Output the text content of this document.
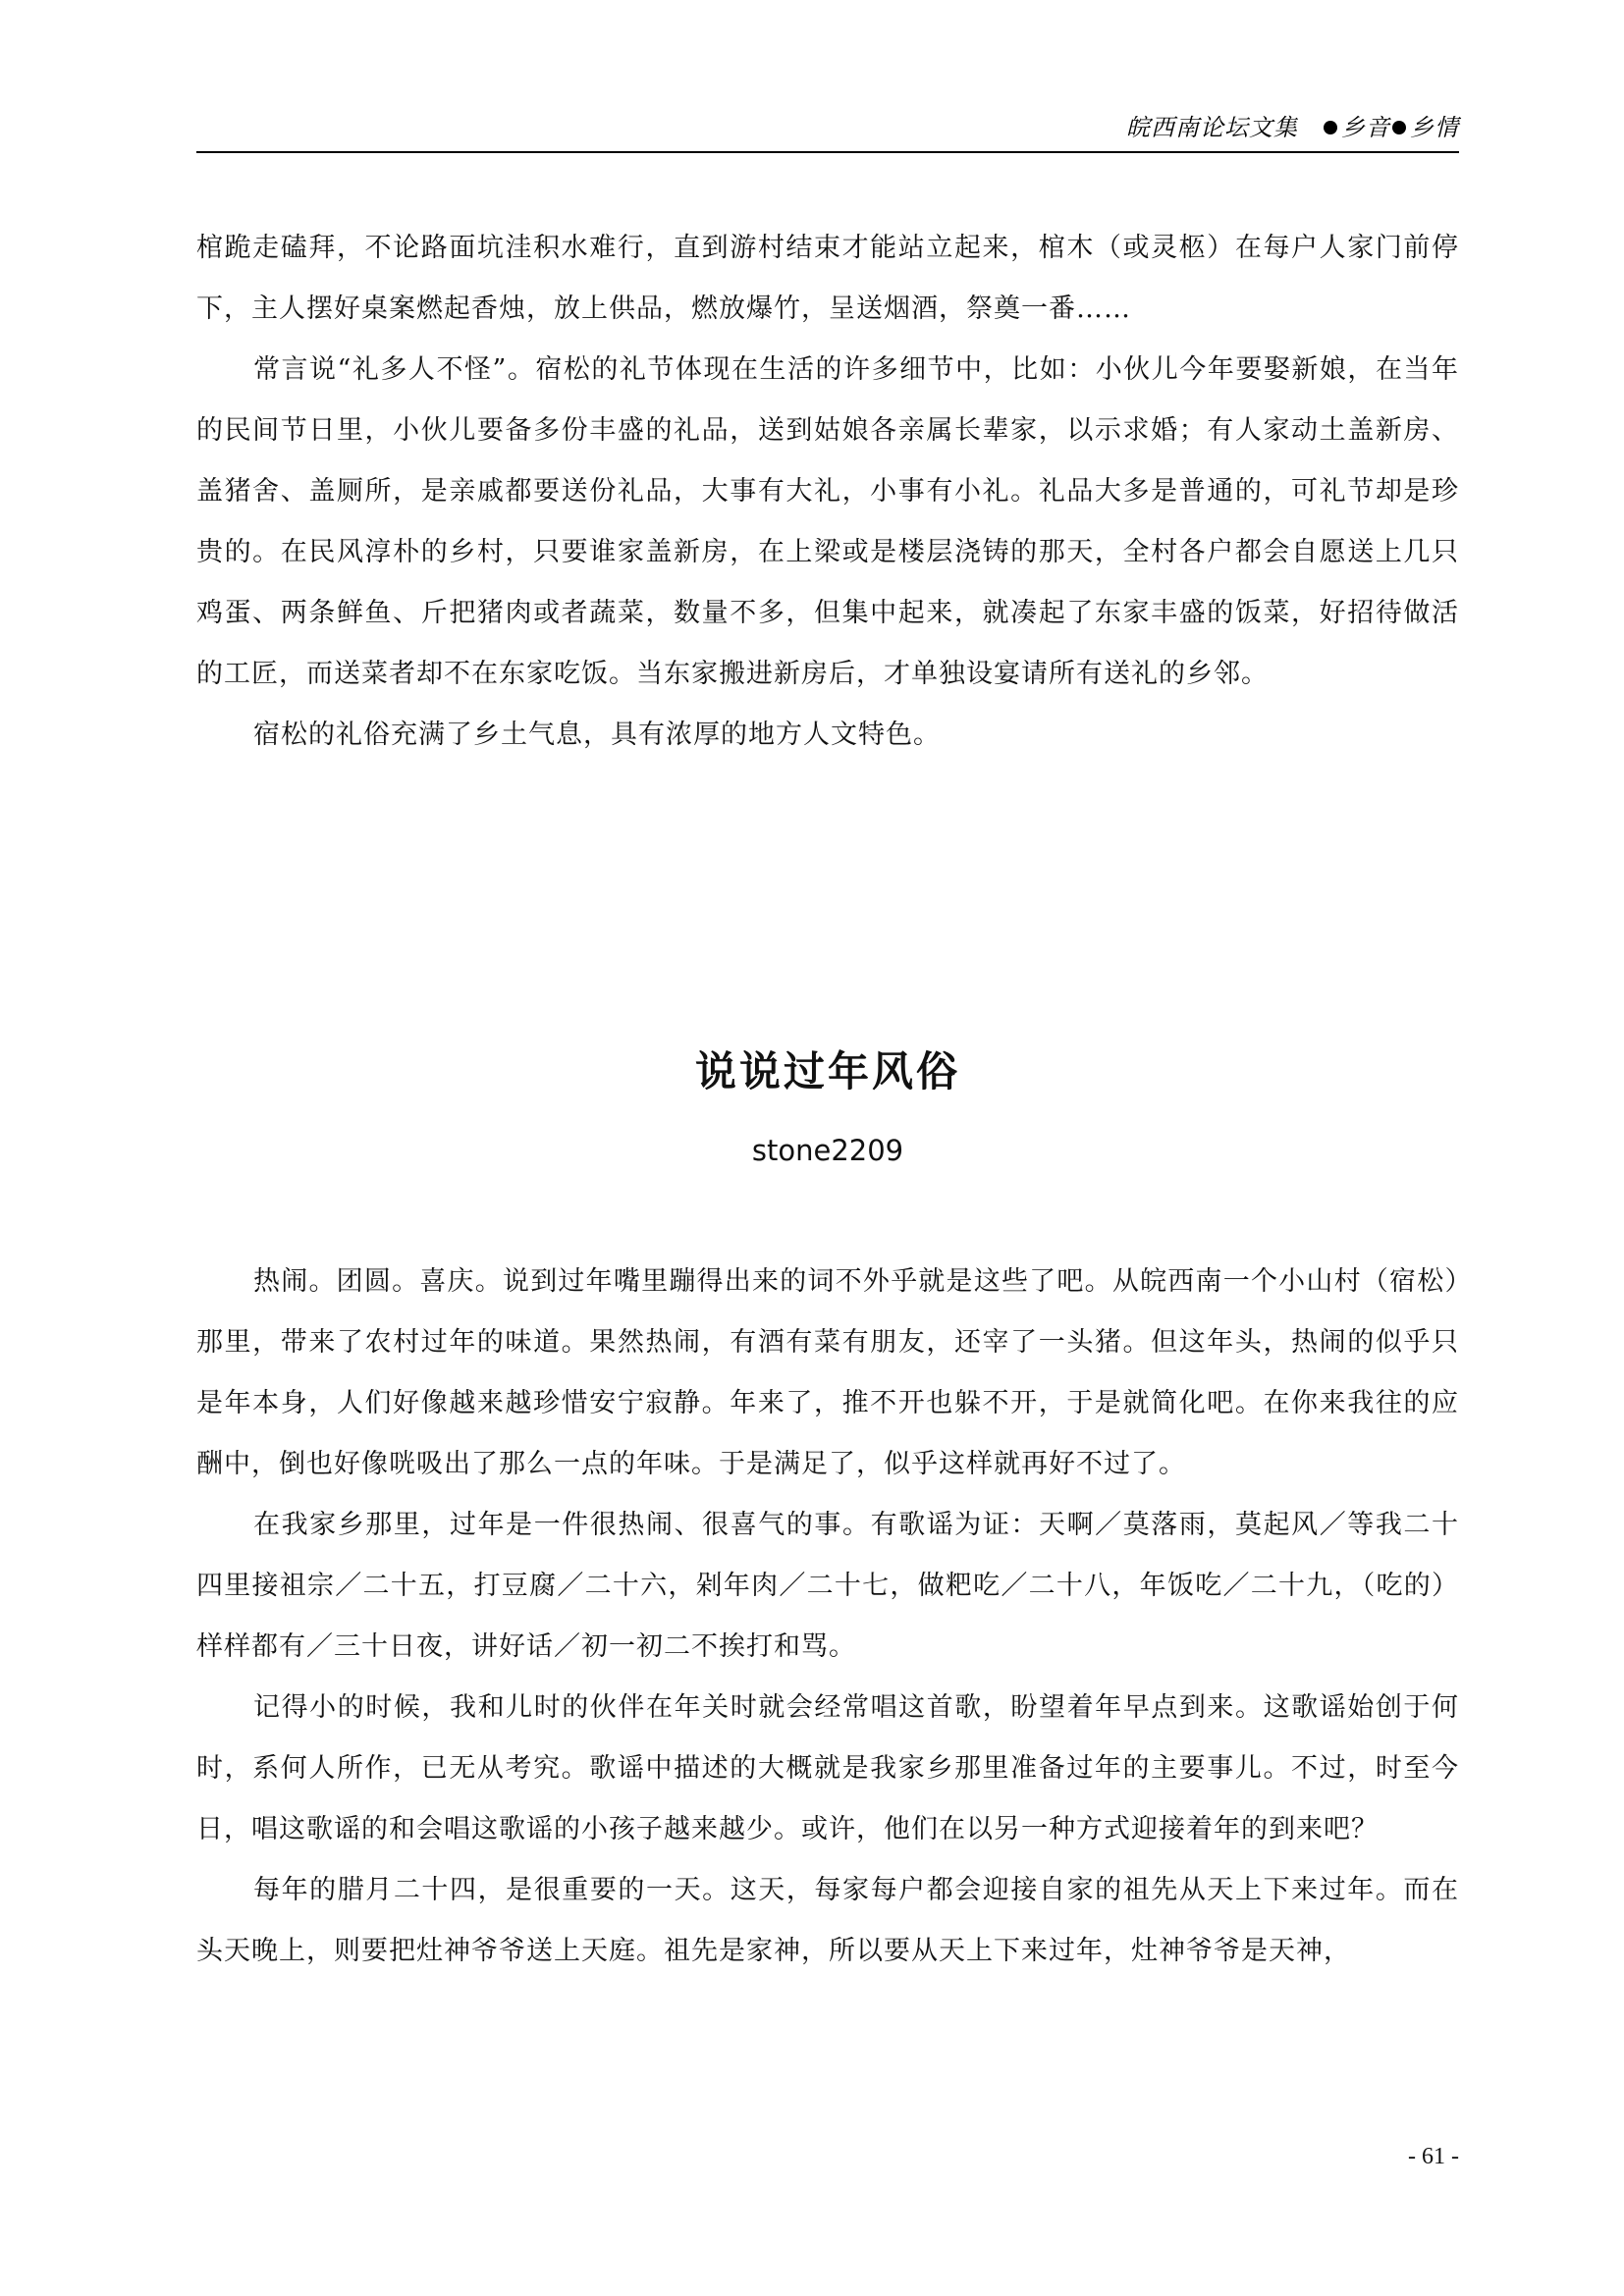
皖西南论坛文集 乡音 乡情

棺跪走磕拜，不论路面坑洼积水难行，直到游村结束才能站立起来，棺木（或灵柩）在每户人家门前停下，主人摆好桌案燃起香烛，放上供品，燃放爆竹，呈送烟酒，祭奠一番……

常言说“礼多人不怪”。宿松的礼节体现在生活的许多细节中，比如：小伙儿今年要娶新娘，在当年的民间节日里，小伙儿要备多份丰盛的礼品，送到姑娘各亲属长辈家，以示求婚；有人家动土盖新房、盖猪舍、盖厕所，是亲戚都要送份礼品，大事有大礼，小事有小礼。礼品大多是普通的，可礼节却是珍贵的。在民风淳朴的乡村，只要谁家盖新房，在上梁或是楼层浇铸的那天，全村各户都会自愿送上几只鸡蛋、两条鲜鱼、斤把猪肉或者蔬菜，数量不多，但集中起来，就凑起了东家丰盛的饭菜，好招待做活的工匠，而送菜者却不在东家吃饭。当东家搬进新房后，才单独设宴请所有送礼的乡邻。

宿松的礼俗充满了乡土气息，具有浓厚的地方人文特色。

说说过年风俗
stone2209

热闹。团圆。喜庆。说到过年嘴里蹦得出来的词不外乎就是这些了吧。从皖西南一个小山村（宿松）那里，带来了农村过年的味道。果然热闹，有酒有菜有朋友，还宰了一头猪。但这年头，热闹的似乎只是年本身，人们好像越来越珍惜安宁寂静。年来了，推不开也躲不开，于是就简化吧。在你来我往的应酬中，倒也好像咣吸出了那么一点的年味。于是满足了，似乎这样就再好不过了。

在我家乡那里，过年是一件很热闹、很喜气的事。有歌谣为证：天啊／莫落雨，莫起风／等我二十四里接祖宗／二十五，打豆腐／二十六，剁年肉／二十七，做粑吃／二十八，年饭吃／二十九，（吃的）样样都有／三十日夜，讲好话／初一初二不挨打和骂。

记得小的时候，我和儿时的伙伴在年关时就会经常唱这首歌，盼望着年早点到来。这歌谣始创于何时，系何人所作，已无从考究。歌谣中描述的大概就是我家乡那里准备过年的主要事儿。不过，时至今日，唱这歌谣的和会唱这歌谣的小孩子越来越少。或许，他们在以另一种方式迎接着年的到来吧？

每年的腊月二十四，是很重要的一天。这天，每家每户都会迎接自家的祖先从天上下来过年。而在头天晚上，则要把灶神爷爷送上天庭。祖先是家神，所以要从天上下来过年，灶神爷爷是天神，

- 61 -
